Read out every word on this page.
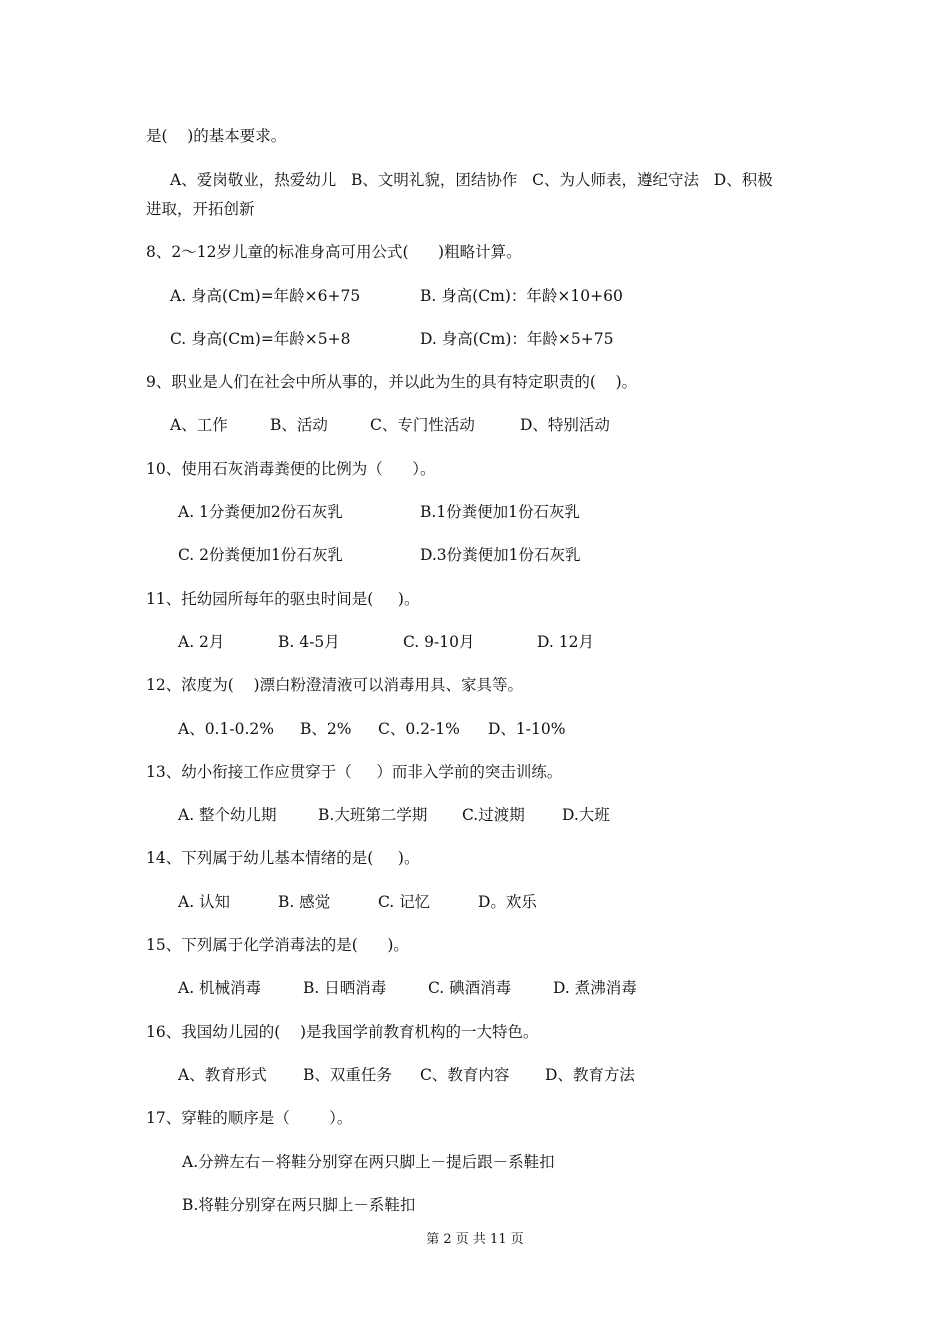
是(    )的基本要求。
A、爱岗敬业，热爱幼儿   B、文明礼貌，团结协作   C、为人师表，遵纪守法   D、积极
进取，开拓创新
8、2～12岁儿童的标准身高可用公式(      )粗略计算。
A. 身高(Cm)=年龄×6+75	B. 身高(Cm)：年龄×10+60
C. 身高(Cm)=年龄×5+8	D. 身高(Cm)：年龄×5+75
9、职业是人们在社会中所从事的，并以此为生的具有特定职责的(    )。
A、工作	B、活动	C、专门性活动	D、特别活动
10、使用石灰消毒粪便的比例为（      ）。
A. 1分粪便加2份石灰乳	B.1份粪便加1份石灰乳
C. 2份粪便加1份石灰乳	D.3份粪便加1份石灰乳
11、托幼园所每年的驱虫时间是(     )。
A. 2月	B. 4-5月	C. 9-10月	D. 12月
12、浓度为(    )漂白粉澄清液可以消毒用具、家具等。
A、0.1-0.2% B、2% C、0.2-1% D、1-10%
13、幼小衔接工作应贯穿于（     ）而非入学前的突击训练。
A. 整个幼儿期	B.大班第二学期 C.过渡期 D.大班
14、下列属于幼儿基本情绪的是(     )。
A. 认知	B. 感觉	C. 记忆	D。欢乐
15、下列属于化学消毒法的是(      )。
A. 机械消毒	B. 日晒消毒	C. 碘酒消毒	D. 煮沸消毒
16、我国幼儿园的(    )是我国学前教育机构的一大特色。
A、教育形式 B、双重任务 C、教育内容 D、教育方法
17、穿鞋的顺序是（        ）。
A.分辨左右－将鞋分别穿在两只脚上－提后跟－系鞋扣
B.将鞋分别穿在两只脚上－系鞋扣
第 2 页 共 11 页
